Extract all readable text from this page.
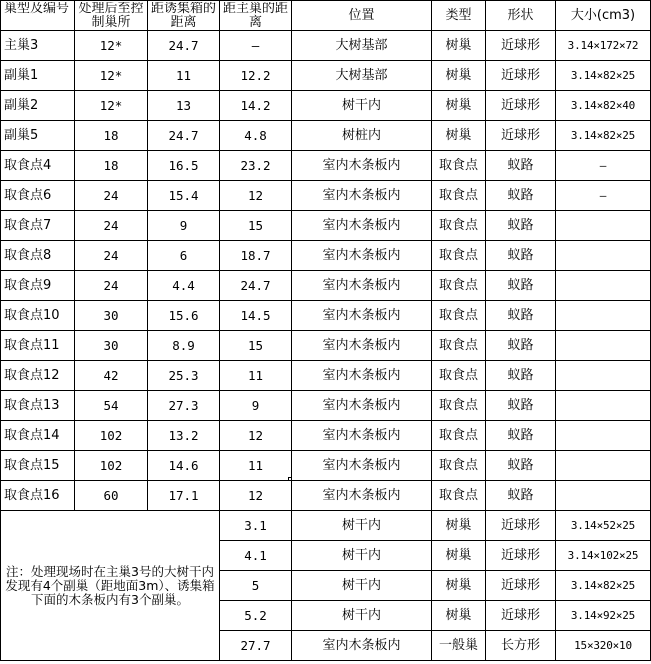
巢型及编号	处理后至控制巢所	距诱集箱的距离	距主巢的距离	位置	类型	形状	大小(cm3)
主巢3	12*	24.7	—	大树基部	树巢	近球形	3.14×172×72
副巢1	12*	11	12.2	大树基部	树巢	近球形	3.14×82×25
副巢2	12*	13	14.2	树干内	树巢	近球形	3.14×82×40
副巢5	18	24.7	4.8	树桩内	树巢	近球形	3.14×82×25
取食点4	18	16.5	23.2	室内木条板内	取食点	蚁路	—
取食点6	24	15.4	12	室内木条板内	取食点	蚁路	—
取食点7	24	9	15	室内木条板内	取食点	蚁路	
取食点8	24	6	18.7	室内木条板内	取食点	蚁路	
取食点9	24	4.4	24.7	室内木条板内	取食点	蚁路	
取食点10	30	15.6	14.5	室内木条板内	取食点	蚁路	
取食点11	30	8.9	15	室内木条板内	取食点	蚁路	
取食点12	42	25.3	11	室内木条板内	取食点	蚁路	
取食点13	54	27.3	9	室内木条板内	取食点	蚁路	
取食点14	102	13.2	12	室内木条板内	取食点	蚁路	
取食点15	102	14.6	11	室内木条板内	取食点	蚁路	
取食点16	60	17.1	12	室内木条板内	取食点	蚁路	
注：处理现场时在主巢3号的大树干内发现有4个副巢（距地面3m）、诱集箱下面的木条板内有3个副巢。			3.1	树干内	树巢	近球形	3.14×52×25
			4.1	树干内	树巢	近球形	3.14×102×25
			5	树干内	树巢	近球形	3.14×82×25
			5.2	树干内	树巢	近球形	3.14×92×25
			27.7	室内木条板内	一般巢	长方形	15×320×10
